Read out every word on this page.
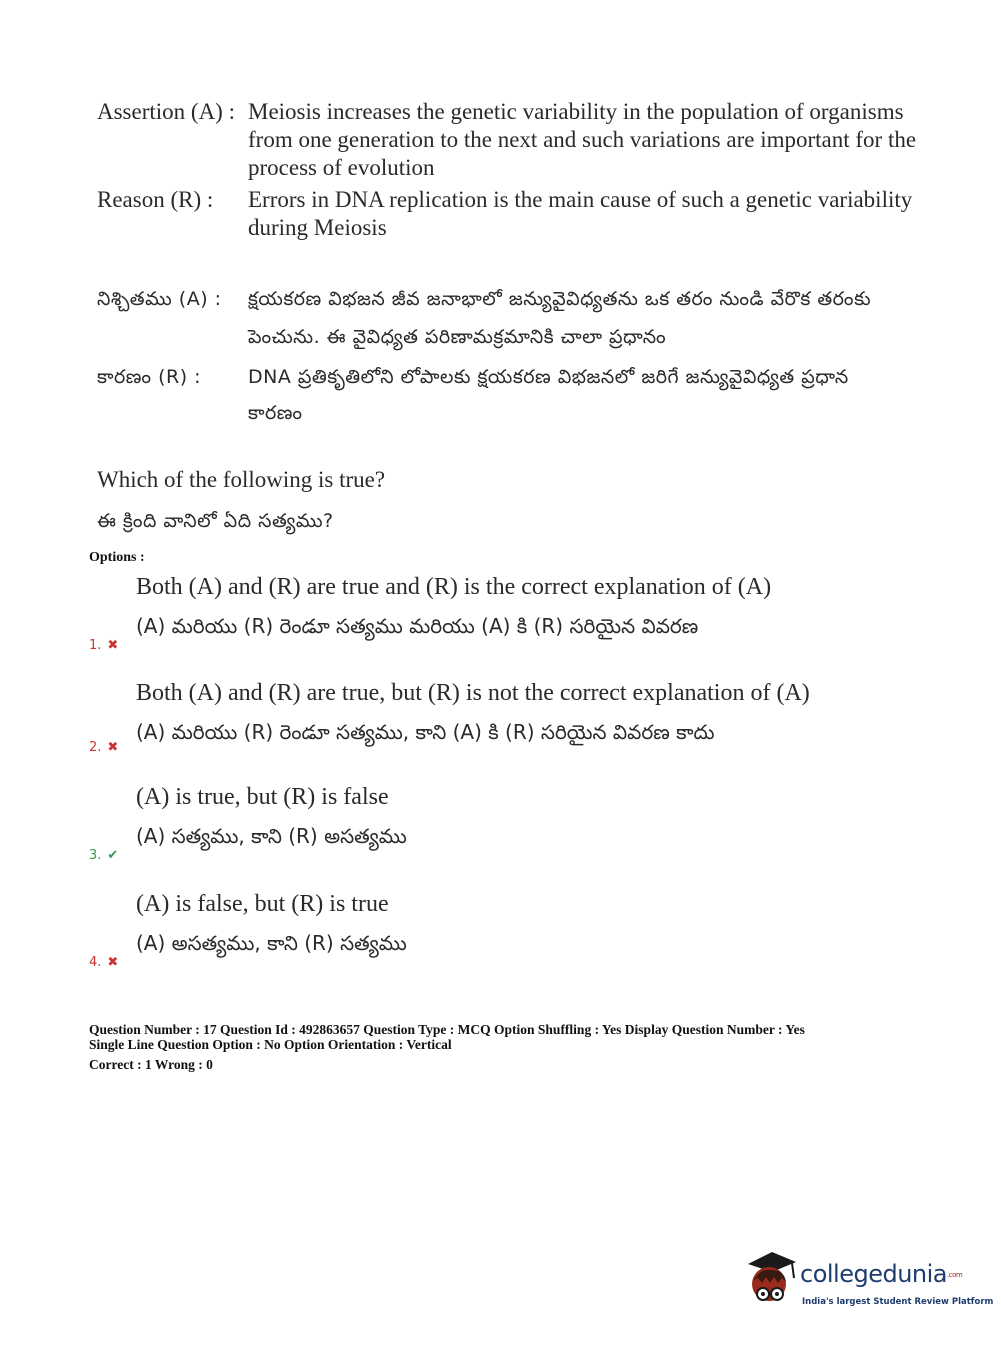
Assertion (A) : Meiosis increases the genetic variability in the population of organisms
from one generation to the next and such variations are important for the
process of evolution
Reason (R) : Errors in DNA replication is the main cause of such a genetic variability
during Meiosis
నిశ్చితము (A) : క్షయకరణ విభజన జీవ జనాభాలో జన్యువైవిధ్యతను ఒక తరం నుండి వేరొక తరంకు
పెంచును. ఈ వైవిధ్యత పరిణామక్రమానికి చాలా ప్రధానం
కారణం (R) : DNA ప్రతికృతిలోని లోపాలకు క్షయకరణ విభజనలో జరిగే జన్యువైవిధ్యత ప్రధాన
కారణం
Which of the following is true?
ఈ క్రింది వానిలో ఏది సత్యము?
Options :
Both (A) and (R) are true and (R) is the correct explanation of (A)
(A) మరియు (R) రెండూ సత్యము మరియు (A) కి (R) సరియైన వివరణ
1. ✖
Both (A) and (R) are true, but (R) is not the correct explanation of (A)
(A) మరియు (R) రెండూ సత్యము, కాని (A) కి (R) సరియైన వివరణ కాదు
2. ✖
(A) is true, but (R) is false
(A) సత్యము, కాని (R) అసత్యము
3. ✔
(A) is false, but (R) is true
(A) అసత్యము, కాని (R) సత్యము
4. ✖
Question Number : 17 Question Id : 492863657 Question Type : MCQ Option Shuffling : Yes Display Question Number : Yes
Single Line Question Option : No Option Orientation : Vertical
Correct : 1 Wrong : 0
collegedunia.com
India's largest Student Review Platform
